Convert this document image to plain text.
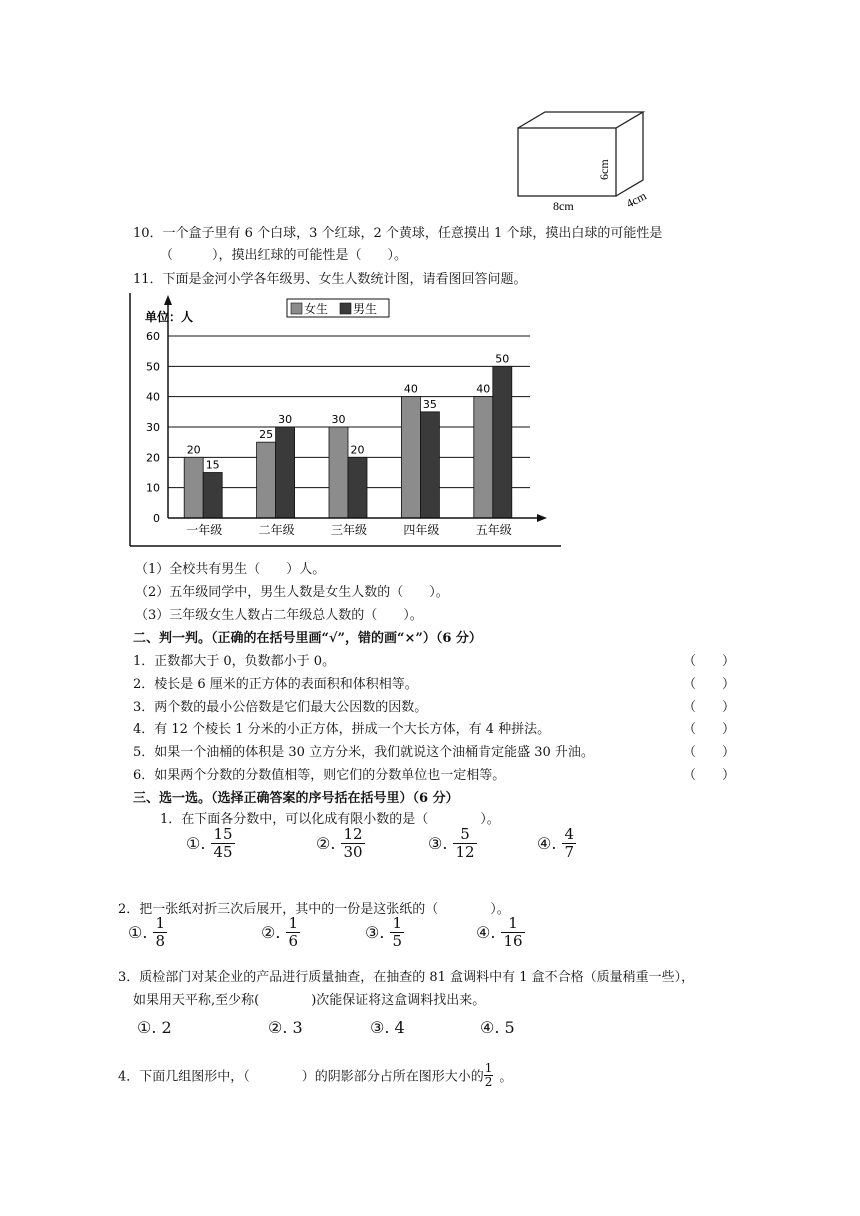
6cm
8cm	4cm
10．一个盒子里有 6 个白球，3 个红球，2 个黄球，任意摸出 1 个球，摸出白球的可能性是
（　　　），摸出红球的可能性是（　　）。
11．下面是金河小学各年级男、女生人数统计图，请看图回答问题。
0
10
20
30
40
50
60
20
15
一年级
25
30
二年级
30
20
三年级
40
35
四年级
40
50
五年级
单位：人
女生 男生
（1）全校共有男生（　　）人。
（2）五年级同学中，男生人数是女生人数的（　　）。
（3）三年级女生人数占二年级总人数的（　　）。
二、判一判。（正确的在括号里画“√”，错的画“×”）（6 分）
1．正数都大于 0，负数都小于 0。	（　　）
2．棱长是 6 厘米的正方体的表面积和体积相等。	（　　）
3．两个数的最小公倍数是它们最大公因数的因数。	（　　）
4．有 12 个棱长 1 分米的小正方体，拼成一个大长方体，有 4 种拼法。	（　　）
5．如果一个油桶的体积是 30 立方分米，我们就说这个油桶肯定能盛 30 升油。	（　　）
6．如果两个分数的分数值相等，则它们的分数单位也一定相等。	（　　）
三、选一选。（选择正确答案的序号括在括号里）（6 分）
1．在下面各分数中，可以化成有限小数的是（　　　　）。
①. $\frac{15}{45}$	②. $\frac{12}{30}$	③. $\frac{5}{12}$	④. $\frac{4}{7}$
2．把一张纸对折三次后展开，其中的一份是这张纸的（　　　　）。
①. $\frac{1}{8}$	②. $\frac{1}{6}$	③. $\frac{1}{5}$	④. $\frac{1}{16}$
3．质检部门对某企业的产品进行质量抽查，在抽查的 81 盒调料中有 1 盒不合格（质量稍重一些），
如果用天平称,至少称(　　　　)次能保证将这盒调料找出来。
①. 2	②. 3	③. 4	④. 5
4．下面几组图形中，（　　　　）的阴影部分占所在图形大小的 $\frac{1}{2}$ 。
